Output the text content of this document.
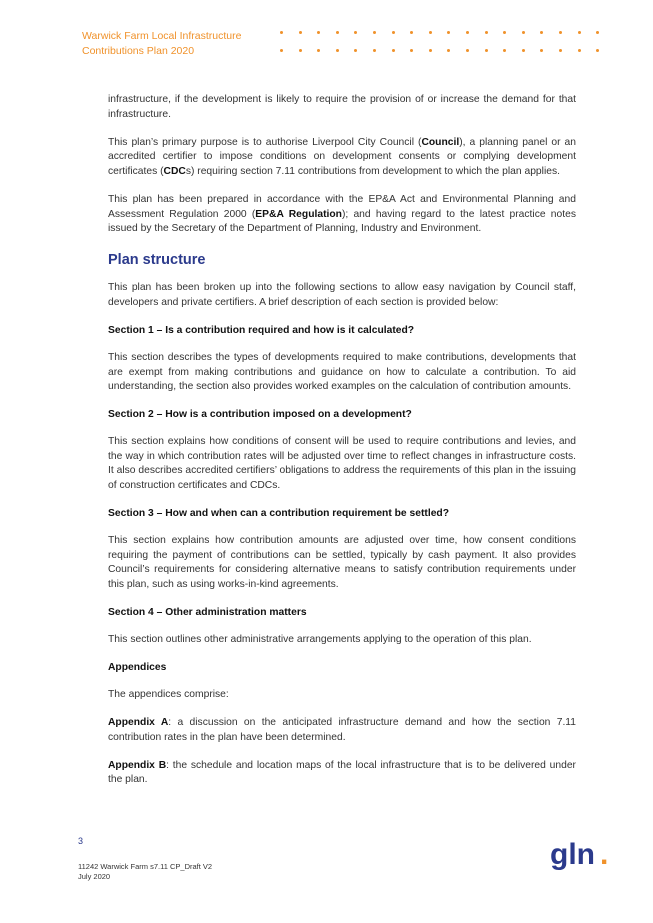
Warwick Farm Local Infrastructure
Contributions Plan 2020

infrastructure, if the development is likely to require the provision of or increase the demand for that infrastructure.

This plan’s primary purpose is to authorise Liverpool City Council (Council), a planning panel or an accredited certifier to impose conditions on development consents or complying development certificates (CDCs) requiring section 7.11 contributions from development to which the plan applies.

This plan has been prepared in accordance with the EP&A Act and Environmental Planning and Assessment Regulation 2000 (EP&A Regulation); and having regard to the latest practice notes issued by the Secretary of the Department of Planning, Industry and Environment.

Plan structure

This plan has been broken up into the following sections to allow easy navigation by Council staff, developers and private certifiers. A brief description of each section is provided below:

Section 1 – Is a contribution required and how is it calculated?

This section describes the types of developments required to make contributions, developments that are exempt from making contributions and guidance on how to calculate a contribution. To aid understanding, the section also provides worked examples on the calculation of contribution amounts.

Section 2 – How is a contribution imposed on a development?

This section explains how conditions of consent will be used to require contributions and levies, and the way in which contribution rates will be adjusted over time to reflect changes in infrastructure costs. It also describes accredited certifiers’ obligations to address the requirements of this plan in the issuing of construction certificates and CDCs.

Section 3 – How and when can a contribution requirement be settled?

This section explains how contribution amounts are adjusted over time, how consent conditions requiring the payment of contributions can be settled, typically by cash payment. It also provides Council’s requirements for considering alternative means to satisfy contribution requirements under this plan, such as using works-in-kind agreements.

Section 4 – Other administration matters

This section outlines other administrative arrangements applying to the operation of this plan.

Appendices

The appendices comprise:

Appendix A: a discussion on the anticipated infrastructure demand and how the section 7.11 contribution rates in the plan have been determined.

Appendix B: the schedule and location maps of the local infrastructure that is to be delivered under the plan.

3
11242 Warwick Farm s7.11 CP_Draft V2
July 2020
gln .
